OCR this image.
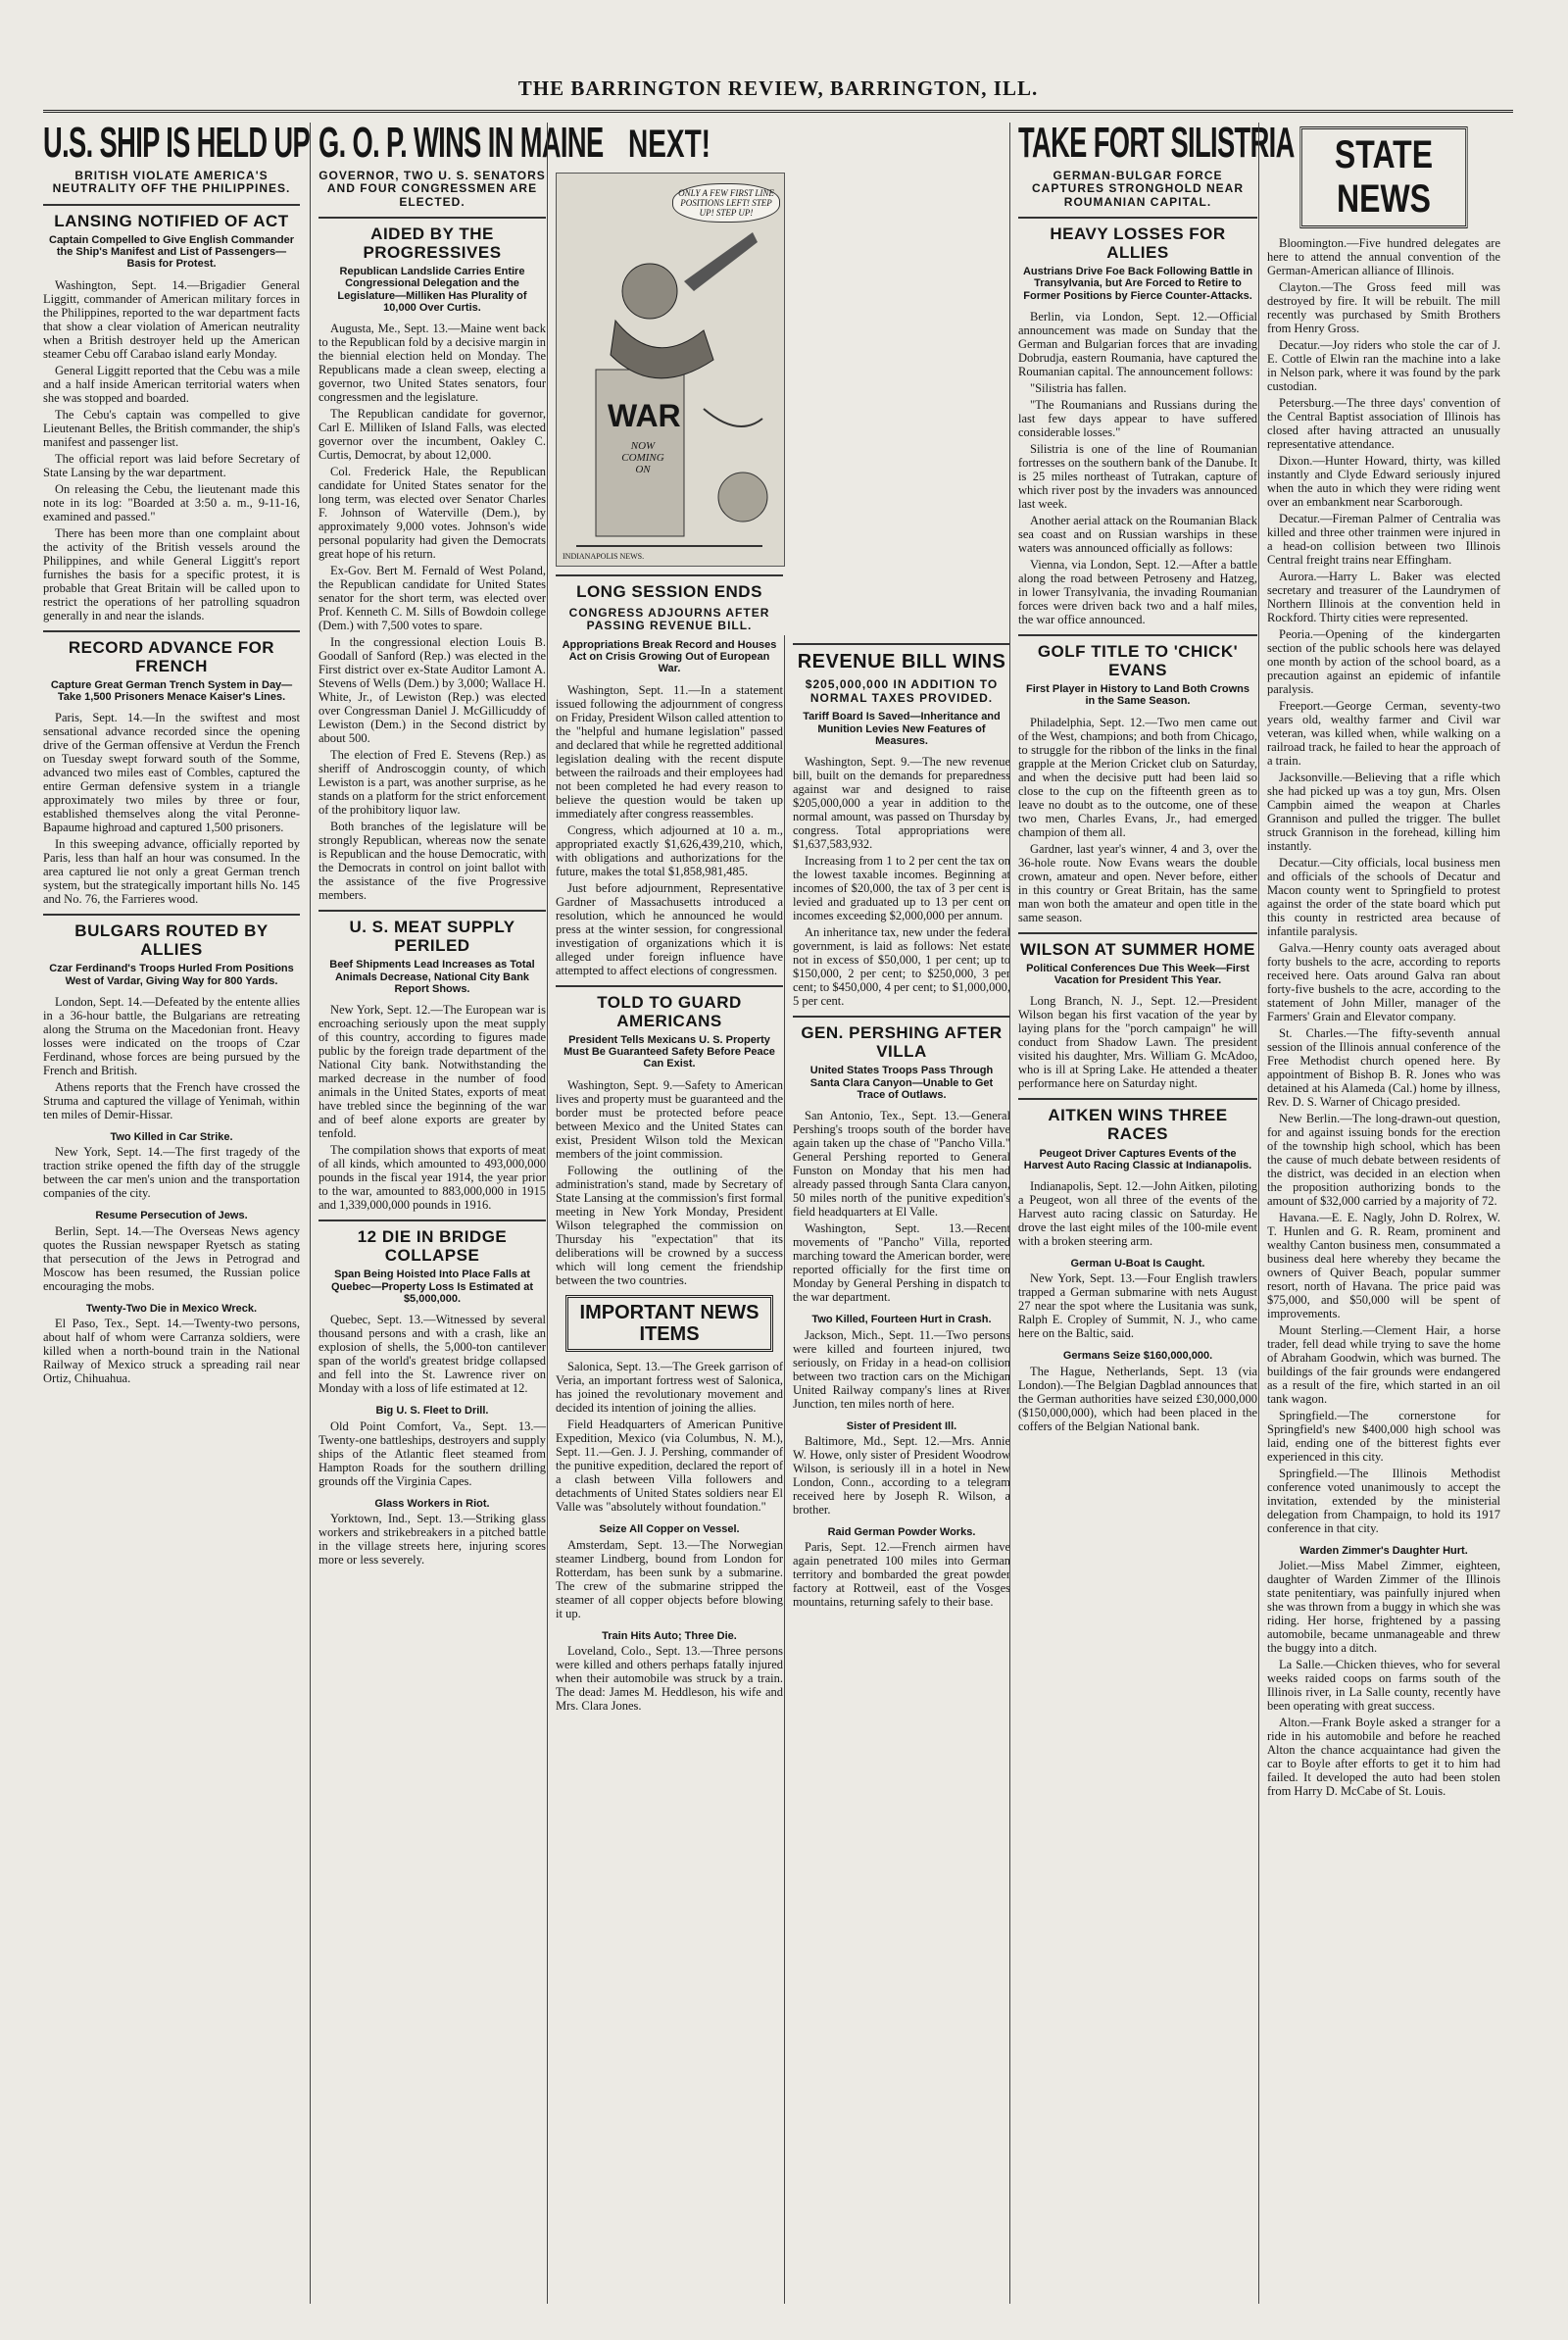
THE BARRINGTON REVIEW, BARRINGTON, ILL.
U.S. SHIP IS HELD UP
BRITISH VIOLATE AMERICA'S NEUTRALITY OFF THE PHILIPPINES.
LANSING NOTIFIED OF ACT
Captain Compelled to Give English Commander the Ship's Manifest and List of Passengers—Basis for Protest.

Washington, Sept. 14.—Brigadier General Liggitt, commander of American military forces in the Philippines, reported to the war department facts that show a clear violation of American neutrality when a British destroyer held up the American steamer Cebu off Carabao island early Monday.

General Liggitt reported that the Cebu was a mile and a half inside American territorial waters when she was stopped and boarded.

The Cebu's captain was compelled to give Lieutenant Belles, the British commander, the ship's manifest and passenger list.

The official report was laid before Secretary of State Lansing by the war department.

On releasing the Cebu, the lieutenant made this note in its log: "Boarded at 3:50 a. m., 9-11-16, examined and passed."

There has been more than one complaint about the activity of the British vessels around the Philippines, and while General Liggitt's report furnishes the basis for a specific protest, it is probable that Great Britain will be called upon to restrict the operations of her patrolling squadron generally in and near the islands.

RECORD ADVANCE FOR FRENCH
Capture Great German Trench System in Day—Take 1,500 Prisoners Menace Kaiser's Lines.

Paris, Sept. 14.—In the swiftest and most sensational advance recorded since the opening drive of the German offensive at Verdun the French on Tuesday swept forward south of the Somme, advanced two miles east of Combles, captured the entire German defensive system in a triangle approximately two miles by three or four, established themselves along the vital Peronne-Bapaume highroad and captured 1,500 prisoners.

In this sweeping advance, officially reported by Paris, less than half an hour was consumed. In the area captured lie not only a great German trench system, but the strategically important hills No. 145 and No. 76, the Farrieres wood.

BULGARS ROUTED BY ALLIES
Czar Ferdinand's Troops Hurled From Positions West of Vardar, Giving Way for 800 Yards.

London, Sept. 14.—Defeated by the entente allies in a 36-hour battle, the Bulgarians are retreating along the Struma on the Macedonian front. Heavy losses were indicated on the troops of Czar Ferdinand, whose forces are being pursued by the French and British.

Athens reports that the French have crossed the Struma and captured the village of Yenimah, within ten miles of Demir-Hissar.

Two Killed in Car Strike.

New York, Sept. 14.—The first tragedy of the traction strike opened the fifth day of the struggle between the car men's union and the transportation companies of the city.

Resume Persecution of Jews.

Berlin, Sept. 14.—The Overseas News agency quotes the Russian newspaper Ryetsch as stating that persecution of the Jews in Petrograd and Moscow has been resumed, the Russian police encouraging the mobs.

Twenty-Two Die in Mexico Wreck.

El Paso, Tex., Sept. 14.—Twenty-two persons, about half of whom were Carranza soldiers, were killed when a north-bound train in the National Railway of Mexico struck a spreading rail near Ortiz, Chihuahua.

G. O. P. WINS IN MAINE
GOVERNOR, TWO U. S. SENATORS AND FOUR CONGRESSMEN ARE ELECTED.
AIDED BY THE PROGRESSIVES
Republican Landslide Carries Entire Congressional Delegation and the Legislature—Milliken Has Plurality of 10,000 Over Curtis.

Augusta, Me., Sept. 13.—Maine went back to the Republican fold by a decisive margin in the biennial election held on Monday. The Republicans made a clean sweep, electing a governor, two United States senators, four congressmen and the legislature.

The Republican candidate for governor, Carl E. Milliken of Island Falls, was elected governor over the incumbent, Oakley C. Curtis, Democrat, by about 12,000.

Col. Frederick Hale, the Republican candidate for United States senator for the long term, was elected over Senator Charles F. Johnson of Waterville (Dem.), by approximately 9,000 votes. Johnson's wide personal popularity had given the Democrats great hope of his return.

Ex-Gov. Bert M. Fernald of West Poland, the Republican candidate for United States senator for the short term, was elected over Prof. Kenneth C. M. Sills of Bowdoin college (Dem.) with 7,500 votes to spare.

In the congressional election Louis B. Goodall of Sanford (Rep.) was elected in the First district over ex-State Auditor Lamont A. Stevens of Wells (Dem.) by 3,000; Wallace H. White, Jr., of Lewiston (Rep.) was elected over Congressman Daniel J. McGillicuddy of Lewiston (Dem.) in the Second district by about 500.

The election of Fred E. Stevens (Rep.) as sheriff of Androscoggin county, of which Lewiston is a part, was another surprise, as he stands on a platform for the strict enforcement of the prohibitory liquor law.

Both branches of the legislature will be strongly Republican, whereas now the senate is Republican and the house Democratic, with the Democrats in control on joint ballot with the assistance of the five Progressive members.

U. S. MEAT SUPPLY PERILED
Beef Shipments Lead Increases as Total Animals Decrease, National City Bank Report Shows.

New York, Sept. 12.—The European war is encroaching seriously upon the meat supply of this country, according to figures made public by the foreign trade department of the National City bank. Notwithstanding the marked decrease in the number of food animals in the United States, exports of meat have trebled since the beginning of the war and of beef alone exports are greater by tenfold.

The compilation shows that exports of meat of all kinds, which amounted to 493,000,000 pounds in the fiscal year 1914, the year prior to the war, amounted to 883,000,000 in 1915 and 1,339,000,000 pounds in 1916.

12 DIE IN BRIDGE COLLAPSE
Span Being Hoisted Into Place Falls at Quebec—Property Loss Is Estimated at $5,000,000.

Quebec, Sept. 13.—Witnessed by several thousand persons and with a crash, like an explosion of shells, the 5,000-ton cantilever span of the world's greatest bridge collapsed and fell into the St. Lawrence river on Monday with a loss of life estimated at 12.

Big U. S. Fleet to Drill.

Old Point Comfort, Va., Sept. 13.—Twenty-one battleships, destroyers and supply ships of the Atlantic fleet steamed from Hampton Roads for the southern drilling grounds off the Virginia Capes.

Glass Workers in Riot.

Yorktown, Ind., Sept. 13.—Striking glass workers and strikebreakers in a pitched battle in the village streets here, injuring scores more or less severely.

NEXT!
ONLY A FEW FIRST LINE POSITIONS LEFT! STEP UP! STEP UP!
WAR
NOW COMING ON
INDIANAPOLIS NEWS.
LONG SESSION ENDS
CONGRESS ADJOURNS AFTER PASSING REVENUE BILL.
Appropriations Break Record and Houses Act on Crisis Growing Out of European War.

Washington, Sept. 11.—In a statement issued following the adjournment of congress on Friday, President Wilson called attention to the "helpful and humane legislation" passed and declared that while he regretted additional legislation dealing with the recent dispute between the railroads and their employees had not been completed he had every reason to believe the question would be taken up immediately after congress reassembles.

Congress, which adjourned at 10 a. m., appropriated exactly $1,626,439,210, which, with obligations and authorizations for the future, makes the total $1,858,981,485.

Just before adjournment, Representative Gardner of Massachusetts introduced a resolution, which he announced he would press at the winter session, for congressional investigation of organizations which it is alleged under foreign influence have attempted to affect elections of congressmen.

TOLD TO GUARD AMERICANS
President Tells Mexicans U. S. Property Must Be Guaranteed Safety Before Peace Can Exist.

Washington, Sept. 9.—Safety to American lives and property must be guaranteed and the border must be protected before peace between Mexico and the United States can exist, President Wilson told the Mexican members of the joint commission.

Following the outlining of the administration's stand, made by Secretary of State Lansing at the commission's first formal meeting in New York Monday, President Wilson telegraphed the commission on Thursday his "expectation" that its deliberations will be crowned by a success which will long cement the friendship between the two countries.

IMPORTANT NEWS ITEMS

Salonica, Sept. 13.—The Greek garrison of Veria, an important fortress west of Salonica, has joined the revolutionary movement and decided its intention of joining the allies.

Field Headquarters of American Punitive Expedition, Mexico (via Columbus, N. M.), Sept. 11.—Gen. J. J. Pershing, commander of the punitive expedition, declared the report of a clash between Villa followers and detachments of United States soldiers near El Valle was "absolutely without foundation."

Seize All Copper on Vessel.

Amsterdam, Sept. 13.—The Norwegian steamer Lindberg, bound from London for Rotterdam, has been sunk by a submarine. The crew of the submarine stripped the steamer of all copper objects before blowing it up.

Train Hits Auto; Three Die.

Loveland, Colo., Sept. 13.—Three persons were killed and others perhaps fatally injured when their automobile was struck by a train. The dead: James M. Heddleson, his wife and Mrs. Clara Jones.

REVENUE BILL WINS
$205,000,000 IN ADDITION TO NORMAL TAXES PROVIDED.
Tariff Board Is Saved—Inheritance and Munition Levies New Features of Measures.

Washington, Sept. 9.—The new revenue bill, built on the demands for preparedness against war and designed to raise $205,000,000 a year in addition to the normal amount, was passed on Thursday by congress. Total appropriations were $1,637,583,932.

Increasing from 1 to 2 per cent the tax on the lowest taxable incomes. Beginning at incomes of $20,000, the tax of 3 per cent is levied and graduated up to 13 per cent on incomes exceeding $2,000,000 per annum.

An inheritance tax, new under the federal government, is laid as follows: Net estate not in excess of $50,000, 1 per cent; up to $150,000, 2 per cent; to $250,000, 3 per cent; to $450,000, 4 per cent; to $1,000,000, 5 per cent.

GEN. PERSHING AFTER VILLA
United States Troops Pass Through Santa Clara Canyon—Unable to Get Trace of Outlaws.

San Antonio, Tex., Sept. 13.—General Pershing's troops south of the border have again taken up the chase of "Pancho Villa." General Pershing reported to General Funston on Monday that his men had already passed through Santa Clara canyon, 50 miles north of the punitive expedition's field headquarters at El Valle.

Washington, Sept. 13.—Recent movements of "Pancho" Villa, reported marching toward the American border, were reported officially for the first time on Monday by General Pershing in dispatch to the war department.

Two Killed, Fourteen Hurt in Crash.

Jackson, Mich., Sept. 11.—Two persons were killed and fourteen injured, two seriously, on Friday in a head-on collision between two traction cars on the Michigan United Railway company's lines at River Junction, ten miles north of here.

Sister of President Ill.

Baltimore, Md., Sept. 12.—Mrs. Annie W. Howe, only sister of President Woodrow Wilson, is seriously ill in a hotel in New London, Conn., according to a telegram received here by Joseph R. Wilson, a brother.

Raid German Powder Works.

Paris, Sept. 12.—French airmen have again penetrated 100 miles into German territory and bombarded the great powder factory at Rottweil, east of the Vosges mountains, returning safely to their base.

TAKE FORT SILISTRIA
GERMAN-BULGAR FORCE CAPTURES STRONGHOLD NEAR ROUMANIAN CAPITAL.
HEAVY LOSSES FOR ALLIES
Austrians Drive Foe Back Following Battle in Transylvania, but Are Forced to Retire to Former Positions by Fierce Counter-Attacks.

Berlin, via London, Sept. 12.—Official announcement was made on Sunday that the German and Bulgarian forces that are invading Dobrudja, eastern Roumania, have captured the Roumanian capital. The announcement follows:

"Silistria has fallen.

"The Roumanians and Russians during the last few days appear to have suffered considerable losses."

Silistria is one of the line of Roumanian fortresses on the southern bank of the Danube. It is 25 miles northeast of Tutrakan, capture of which river post by the invaders was announced last week.

Another aerial attack on the Roumanian Black sea coast and on Russian warships in these waters was announced officially as follows:

Vienna, via London, Sept. 12.—After a battle along the road between Petroseny and Hatzeg, in lower Transylvania, the invading Roumanian forces were driven back two and a half miles, the war office announced.

GOLF TITLE TO 'CHICK' EVANS
First Player in History to Land Both Crowns in the Same Season.

Philadelphia, Sept. 12.—Two men came out of the West, champions; and both from Chicago, to struggle for the ribbon of the links in the final grapple at the Merion Cricket club on Saturday, and when the decisive putt had been laid so close to the cup on the fifteenth green as to leave no doubt as to the outcome, one of these two men, Charles Evans, Jr., had emerged champion of them all.

Gardner, last year's winner, 4 and 3, over the 36-hole route. Now Evans wears the double crown, amateur and open. Never before, either in this country or Great Britain, has the same man won both the amateur and open title in the same season.

WILSON AT SUMMER HOME
Political Conferences Due This Week—First Vacation for President This Year.

Long Branch, N. J., Sept. 12.—President Wilson began his first vacation of the year by laying plans for the "porch campaign" he will conduct from Shadow Lawn. The president visited his daughter, Mrs. William G. McAdoo, who is ill at Spring Lake. He attended a theater performance here on Saturday night.

AITKEN WINS THREE RACES
Peugeot Driver Captures Events of the Harvest Auto Racing Classic at Indianapolis.

Indianapolis, Sept. 12.—John Aitken, piloting a Peugeot, won all three of the events of the Harvest auto racing classic on Saturday. He drove the last eight miles of the 100-mile event with a broken steering arm.

German U-Boat Is Caught.

New York, Sept. 13.—Four English trawlers trapped a German submarine with nets August 27 near the spot where the Lusitania was sunk, Ralph E. Cropley of Summit, N. J., who came here on the Baltic, said.

Germans Seize $160,000,000.

The Hague, Netherlands, Sept. 13 (via London).—The Belgian Dagblad announces that the German authorities have seized £30,000,000 ($150,000,000), which had been placed in the coffers of the Belgian National bank.

STATE NEWS

Bloomington.—Five hundred delegates are here to attend the annual convention of the German-American alliance of Illinois.

Clayton.—The Gross feed mill was destroyed by fire. It will be rebuilt. The mill recently was purchased by Smith Brothers from Henry Gross.

Decatur.—Joy riders who stole the car of J. E. Cottle of Elwin ran the machine into a lake in Nelson park, where it was found by the park custodian.

Petersburg.—The three days' convention of the Central Baptist association of Illinois has closed after having attracted an unusually representative attendance.

Dixon.—Hunter Howard, thirty, was killed instantly and Clyde Edward seriously injured when the auto in which they were riding went over an embankment near Scarborough.

Decatur.—Fireman Palmer of Centralia was killed and three other trainmen were injured in a head-on collision between two Illinois Central freight trains near Effingham.

Aurora.—Harry L. Baker was elected secretary and treasurer of the Laundrymen of Northern Illinois at the convention held in Rockford. Thirty cities were represented.

Peoria.—Opening of the kindergarten section of the public schools here was delayed one month by action of the school board, as a precaution against an epidemic of infantile paralysis.

Freeport.—George Cerman, seventy-two years old, wealthy farmer and Civil war veteran, was killed when, while walking on a railroad track, he failed to hear the approach of a train.

Jacksonville.—Believing that a rifle which she had picked up was a toy gun, Mrs. Olsen Campbin aimed the weapon at Charles Grannison and pulled the trigger. The bullet struck Grannison in the forehead, killing him instantly.

Decatur.—City officials, local business men and officials of the schools of Decatur and Macon county went to Springfield to protest against the order of the state board which put this county in restricted area because of infantile paralysis.

Galva.—Henry county oats averaged about forty bushels to the acre, according to reports received here. Oats around Galva ran about forty-five bushels to the acre, according to the statement of John Miller, manager of the Farmers' Grain and Elevator company.

St. Charles.—The fifty-seventh annual session of the Illinois annual conference of the Free Methodist church opened here. By appointment of Bishop B. R. Jones who was detained at his Alameda (Cal.) home by illness, Rev. D. S. Warner of Chicago presided.

New Berlin.—The long-drawn-out question, for and against issuing bonds for the erection of the township high school, which has been the cause of much debate between residents of the district, was decided in an election when the proposition authorizing bonds to the amount of $32,000 carried by a majority of 72.

Havana.—E. E. Nagly, John D. Rolrex, W. T. Hunlen and G. R. Ream, prominent and wealthy Canton business men, consummated a business deal here whereby they became the owners of Quiver Beach, popular summer resort, north of Havana. The price paid was $75,000, and $50,000 will be spent of improvements.

Mount Sterling.—Clement Hair, a horse trader, fell dead while trying to save the home of Abraham Goodwin, which was burned. The buildings of the fair grounds were endangered as a result of the fire, which started in an oil tank wagon.

Springfield.—The cornerstone for Springfield's new $400,000 high school was laid, ending one of the bitterest fights ever experienced in this city.

Springfield.—The Illinois Methodist conference voted unanimously to accept the invitation, extended by the ministerial delegation from Champaign, to hold its 1917 conference in that city.

Warden Zimmer's Daughter Hurt.

Joliet.—Miss Mabel Zimmer, eighteen, daughter of Warden Zimmer of the Illinois state penitentiary, was painfully injured when she was thrown from a buggy in which she was riding. Her horse, frightened by a passing automobile, became unmanageable and threw the buggy into a ditch.

La Salle.—Chicken thieves, who for several weeks raided coops on farms south of the Illinois river, in La Salle county, recently have been operating with great success.

Alton.—Frank Boyle asked a stranger for a ride in his automobile and before he reached Alton the chance acquaintance had given the car to Boyle after efforts to get it to him had failed. It developed the auto had been stolen from Harry D. McCabe of St. Louis.
